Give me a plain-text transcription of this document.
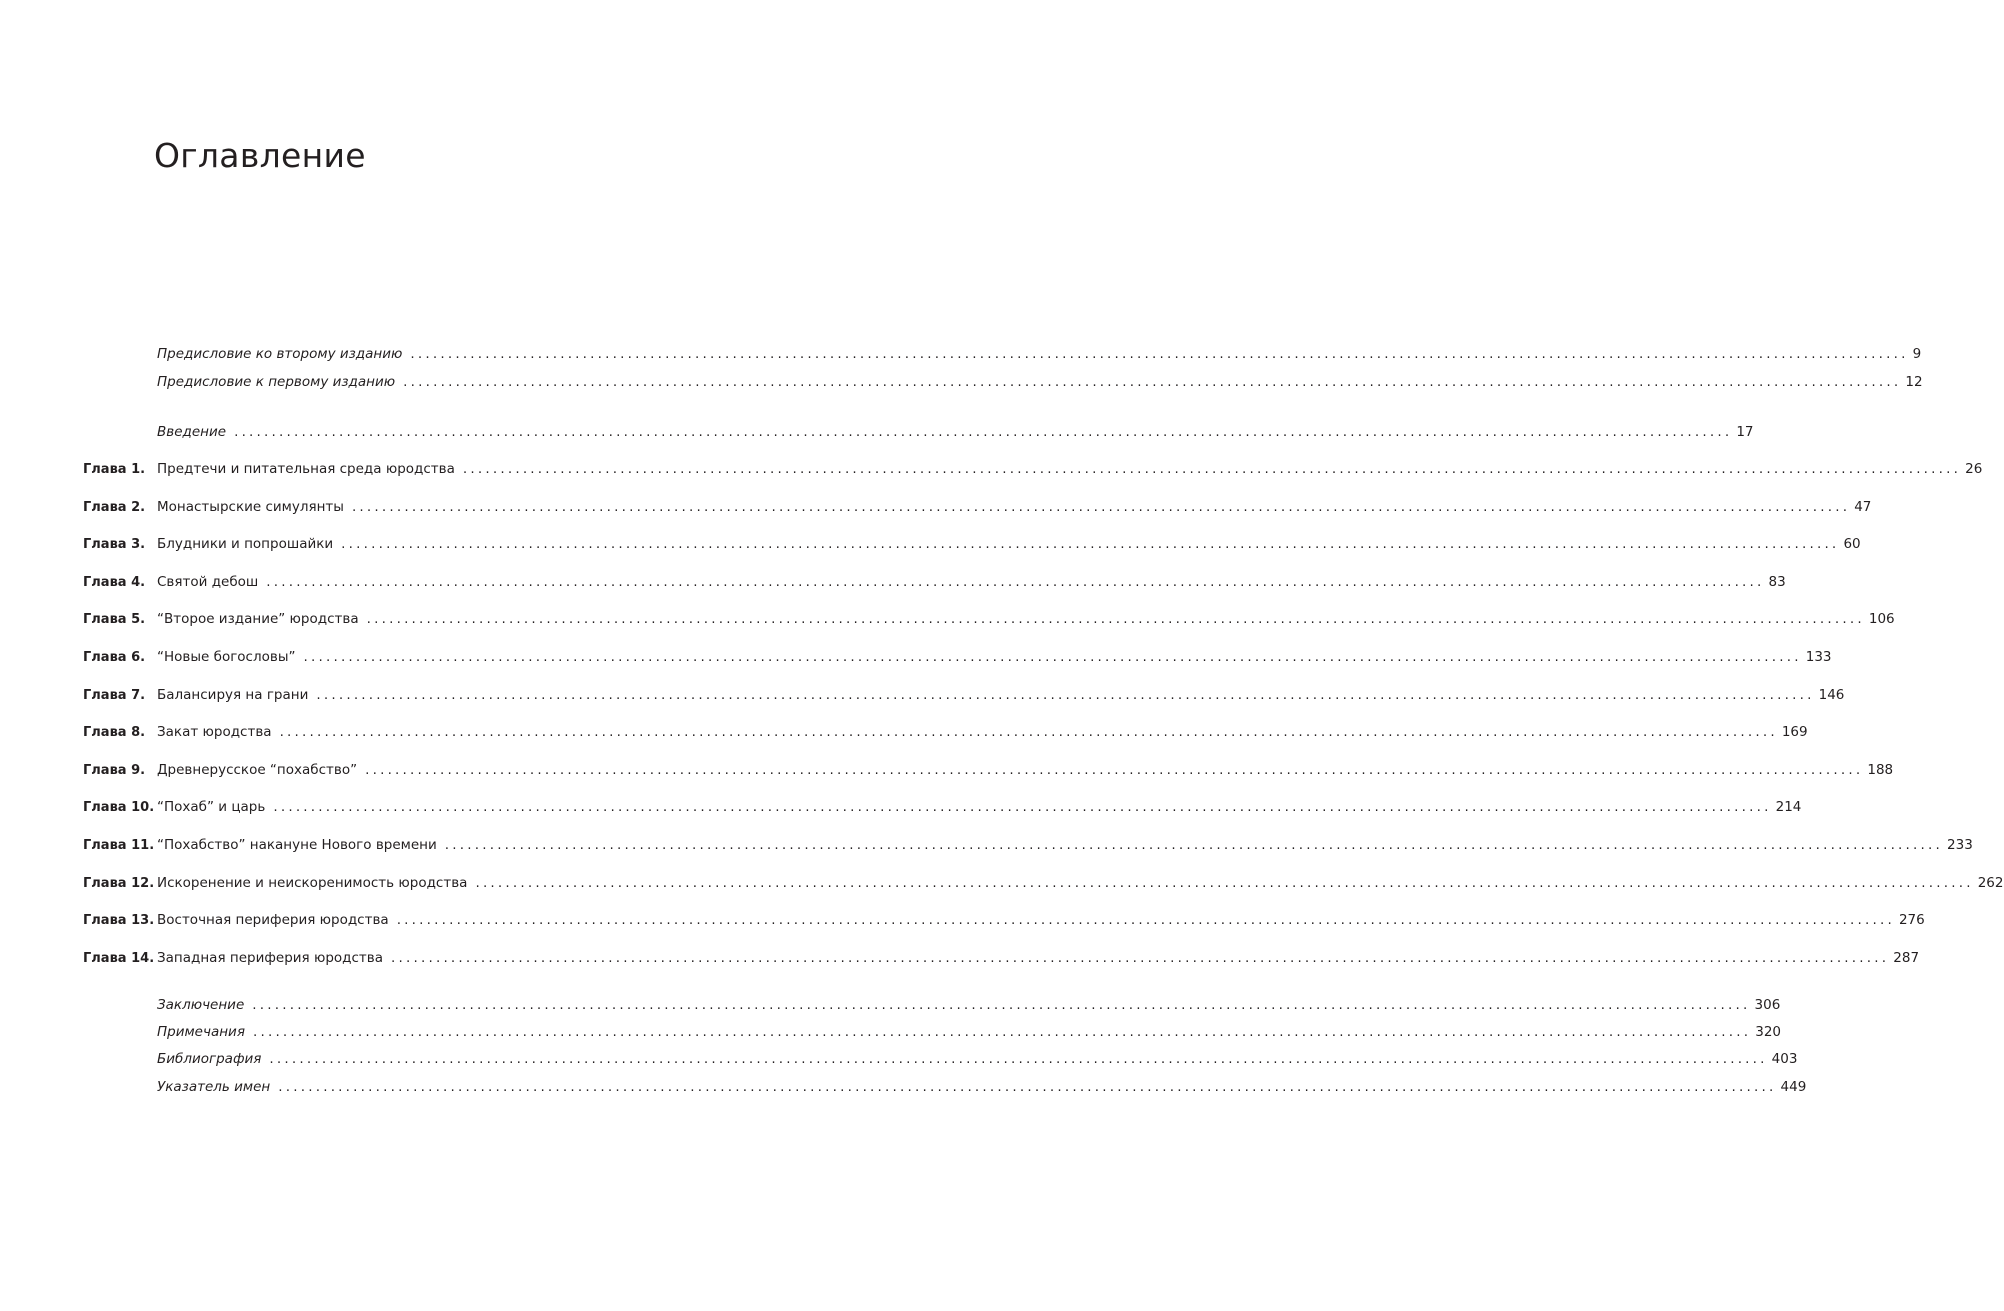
Оглавление
Предисловие ко второму изданию ........................................................................................................................................................................................................ 9
Предисловие к первому изданию ........................................................................................................................................................................................................ 12
Введение ........................................................................................................................................................................................................ 17
Глава 1. Предтечи и питательная среда юродства ........................................................................................................................................................................................................ 26
Глава 2. Монастырские симулянты ........................................................................................................................................................................................................ 47
Глава 3. Блудники и попрошайки ........................................................................................................................................................................................................ 60
Глава 4. Святой дебош ........................................................................................................................................................................................................ 83
Глава 5. “Второе издание” юродства ........................................................................................................................................................................................................ 106
Глава 6. “Новые богословы” ........................................................................................................................................................................................................ 133
Глава 7. Балансируя на грани ........................................................................................................................................................................................................ 146
Глава 8. Закат юродства ........................................................................................................................................................................................................ 169
Глава 9. Древнерусское “похабство” ........................................................................................................................................................................................................ 188
Глава 10. “Похаб” и царь ........................................................................................................................................................................................................ 214
Глава 11. “Похабство” накануне Нового времени ........................................................................................................................................................................................................ 233
Глава 12. Искоренение и неискоренимость юродства ........................................................................................................................................................................................................ 262
Глава 13. Восточная периферия юродства ........................................................................................................................................................................................................ 276
Глава 14. Западная периферия юродства ........................................................................................................................................................................................................ 287
Заключение ........................................................................................................................................................................................................ 306
Примечания ........................................................................................................................................................................................................ 320
Библиография ........................................................................................................................................................................................................ 403
Указатель имен ........................................................................................................................................................................................................ 449
